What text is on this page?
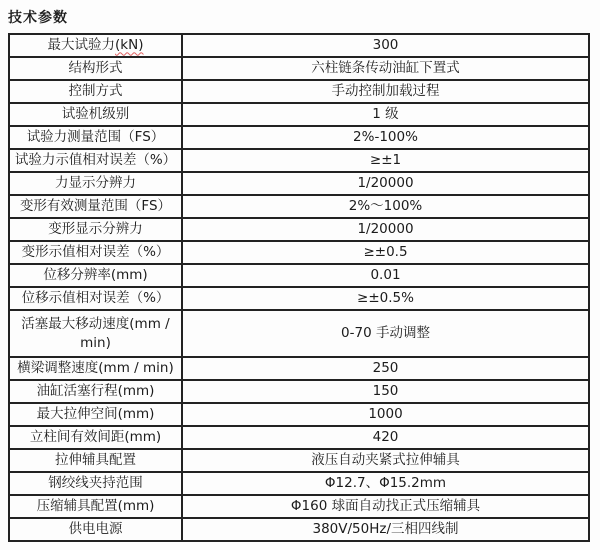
技术参数
最大试验力(kN)	300
结构形式	六柱链条传动油缸下置式
控制方式	手动控制加载过程
试验机级别	1 级
试验力测量范围（FS）	2%-100%
试验力示值相对误差（%）	≥±1
力显示分辨力	1/20000
变形有效测量范围（FS）	2%～100%
变形显示分辨力	1/20000
变形示值相对误差（%）	≥±0.5
位移分辨率(mm)	0.01
位移示值相对误差（%）	≥±0.5%
活塞最大移动速度(mm / min)	0-70 手动调整
横梁调整速度(mm / min)	250
油缸活塞行程(mm)	150
最大拉伸空间(mm)	1000
立柱间有效间距(mm)	420
拉伸辅具配置	液压自动夹紧式拉伸辅具
钢绞线夹持范围	Φ12.7、Φ15.2mm
压缩辅具配置(mm)	Φ160 球面自动找正式压缩辅具
供电电源	380V/50Hz/三相四线制
